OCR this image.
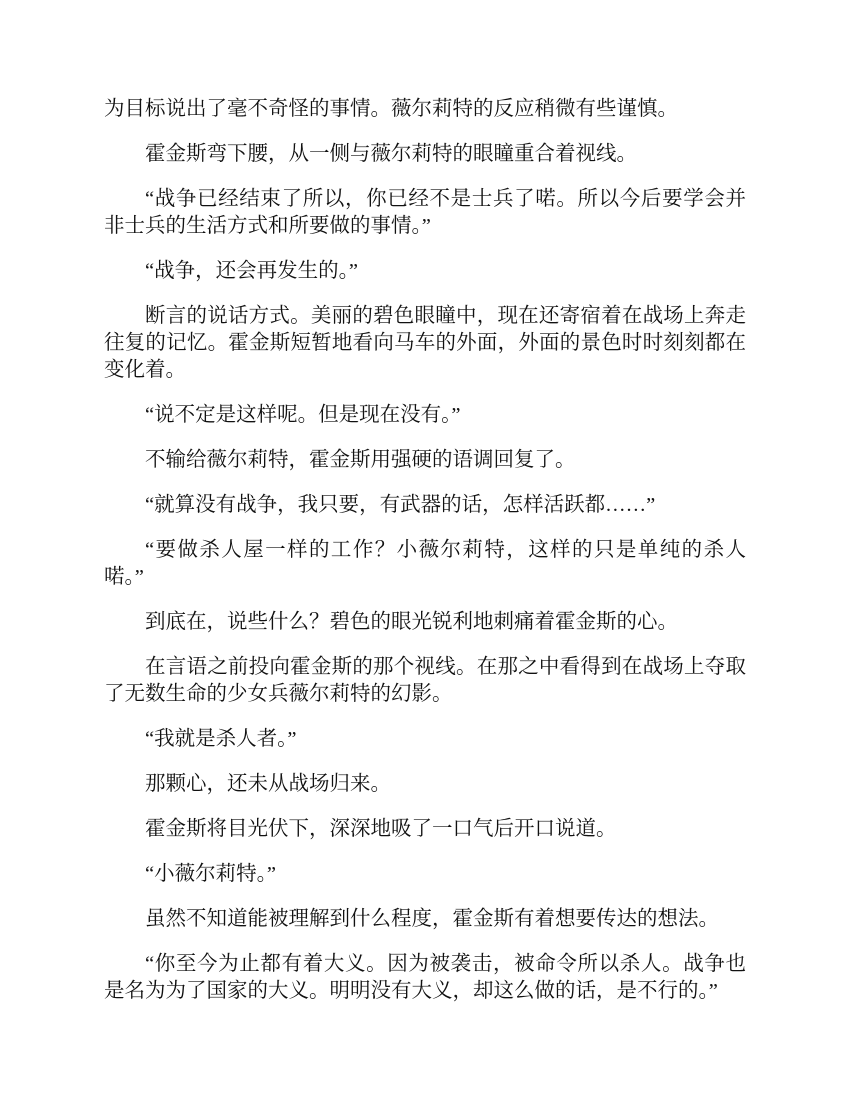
为目标说出了毫不奇怪的事情。薇尔莉特的反应稍微有些谨慎。

霍金斯弯下腰，从一侧与薇尔莉特的眼瞳重合着视线。

“战争已经结束了所以，你已经不是士兵了喏。所以今后要学会并非士兵的生活方式和所要做的事情。”

“战争，还会再发生的。”

断言的说话方式。美丽的碧色眼瞳中，现在还寄宿着在战场上奔走往复的记忆。霍金斯短暂地看向马车的外面，外面的景色时时刻刻都在变化着。

“说不定是这样呢。但是现在没有。”

不输给薇尔莉特，霍金斯用强硬的语调回复了。

“就算没有战争，我只要，有武器的话，怎样活跃都……”

“要做杀人屋一样的工作？小薇尔莉特，这样的只是单纯的杀人喏。”

到底在，说些什么？碧色的眼光锐利地刺痛着霍金斯的心。

在言语之前投向霍金斯的那个视线。在那之中看得到在战场上夺取了无数生命的少女兵薇尔莉特的幻影。

“我就是杀人者。”

那颗心，还未从战场归来。

霍金斯将目光伏下，深深地吸了一口气后开口说道。

“小薇尔莉特。”

虽然不知道能被理解到什么程度，霍金斯有着想要传达的想法。

“你至今为止都有着大义。因为被袭击，被命令所以杀人。战争也是名为为了国家的大义。明明没有大义，却这么做的话，是不行的。”
